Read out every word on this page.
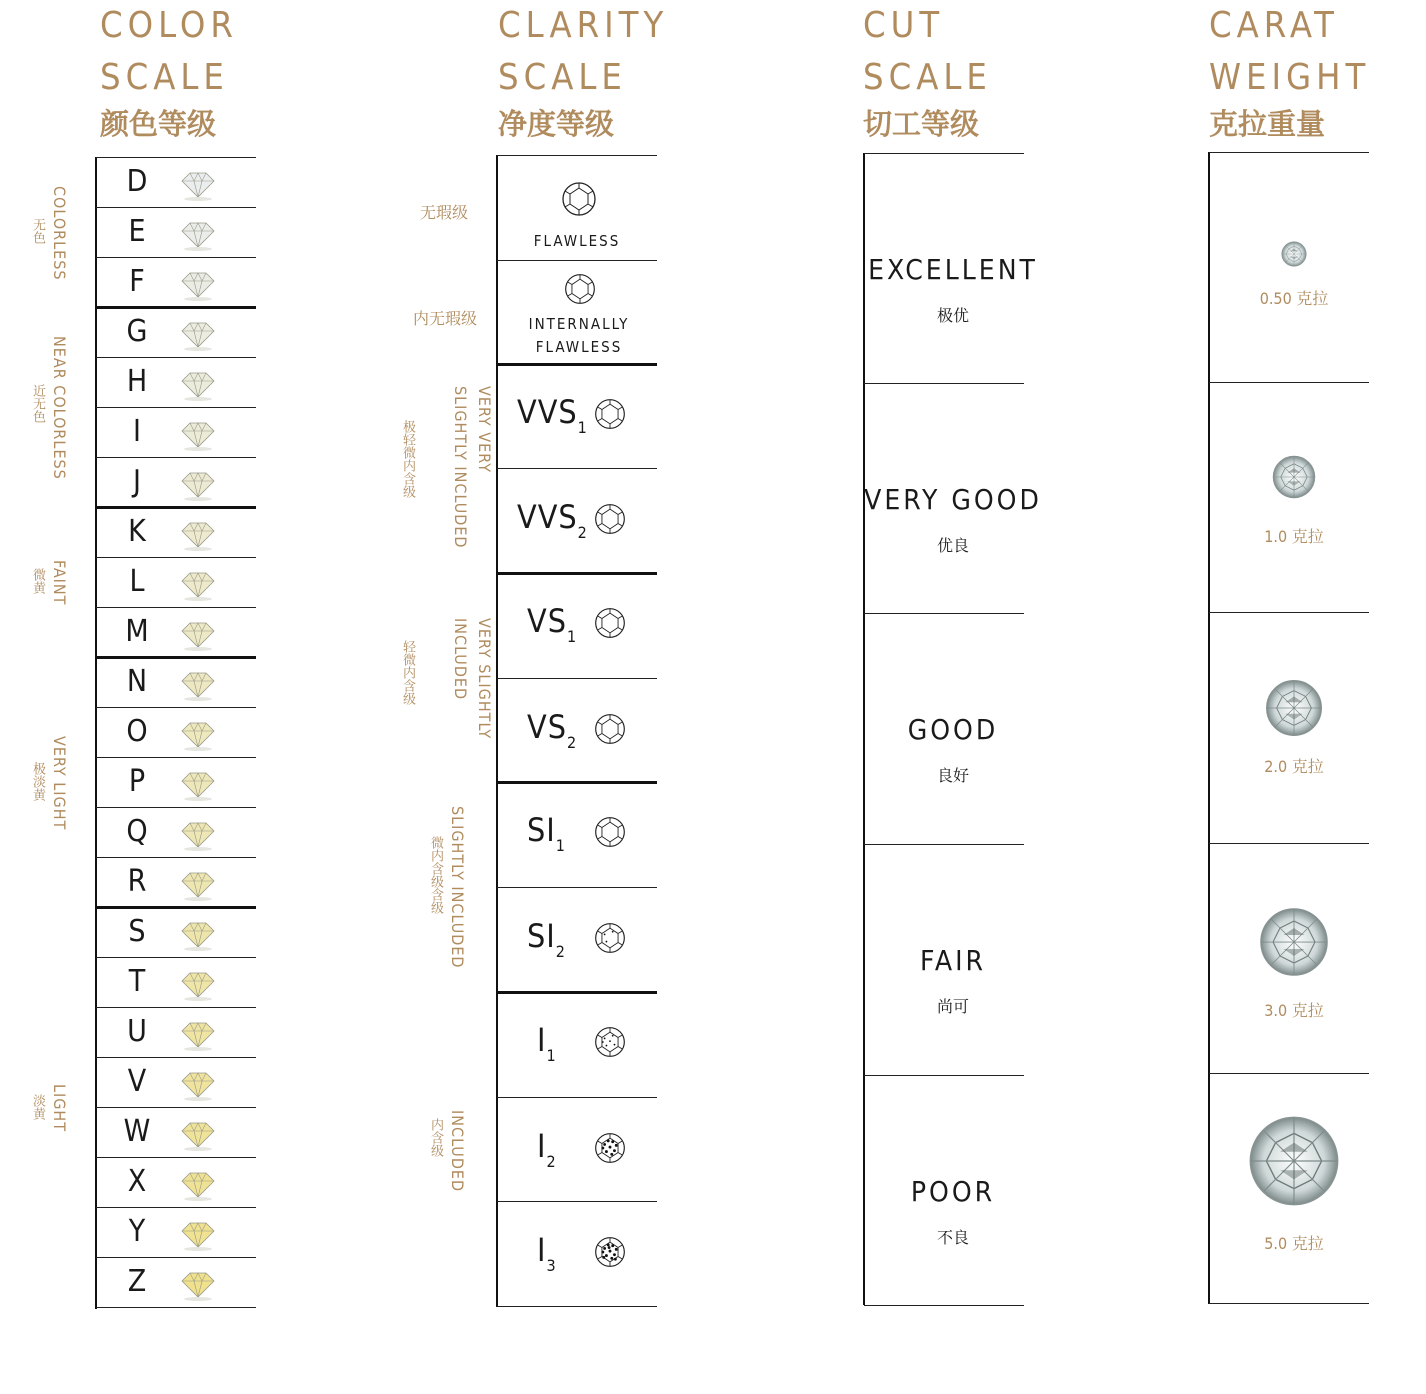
COLOR
SCALE
颜色等级
CLARITY
SCALE
净度等级
CUT
SCALE
切工等级
CARAT
WEIGHT
克拉重量
D
E
F
G
H
I
J
K
L
M
N
O
P
Q
R
S
T
U
V
W
X
Y
Z
COLORLESS
无色
NEAR COLORLESS
近无色
FAINT
微黄
VERY LIGHT
极淡黄
LIGHT
淡黄
无瑕级
FLAWLESS
内无瑕级	INTERNALLY
FLAWLESS
$VVS_1$
$VVS_2$
$VS_1$
$VS_2$
$SI_1$
$SI_2$
$I_1$
$I_2$
$I_3$
VERY VERY
SLIGHTLY INCLUDED
极轻微内含级
VERY SLIGHTLY
INCLUDED
轻微内含级
SLIGHTLY INCLUDED
微内含级含级
INCLUDED
内含级
EXCELLENT
极优
VERY GOOD
优良
GOOD
良好
FAIR
尚可
POOR
不良
0.50 克拉
1.0 克拉
2.0 克拉
3.0 克拉
5.0 克拉
